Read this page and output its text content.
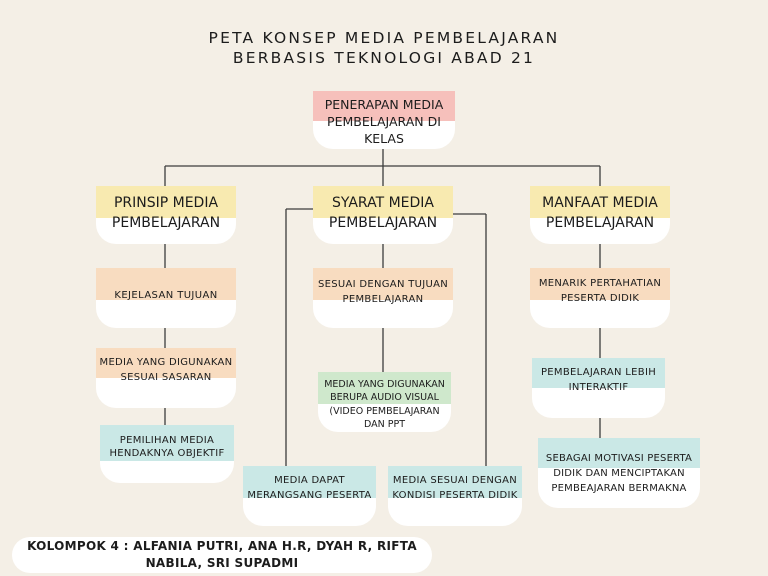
PETA KONSEP MEDIA PEMBELAJARAN
BERBASIS TEKNOLOGI ABAD 21
PENERAPAN MEDIA
PEMBELAJARAN DI
KELAS
PRINSIP MEDIA
PEMBELAJARAN
SYARAT MEDIA
PEMBELAJARAN
MANFAAT MEDIA
PEMBELAJARAN
KEJELASAN TUJUAN
MEDIA YANG DIGUNAKAN
SESUAI SASARAN
PEMILIHAN MEDIA
HENDAKNYA OBJEKTIF
SESUAI DENGAN TUJUAN
PEMBELAJARAN
MEDIA YANG DIGUNAKAN
BERUPA AUDIO VISUAL
(VIDEO PEMBELAJARAN
DAN PPT
MEDIA DAPAT
MERANGSANG PESERTA
MEDIA SESUAI DENGAN
KONDISI PESERTA DIDIK
MENARIK PERTAHATIAN
PESERTA DIDIK
PEMBELAJARAN LEBIH
INTERAKTIF
SEBAGAI MOTIVASI PESERTA
DIDIK DAN MENCIPTAKAN
PEMBEAJARAN BERMAKNA
KOLOMPOK 4 : ALFANIA PUTRI, ANA H.R, DYAH R, RIFTA
NABILA, SRI SUPADMI
